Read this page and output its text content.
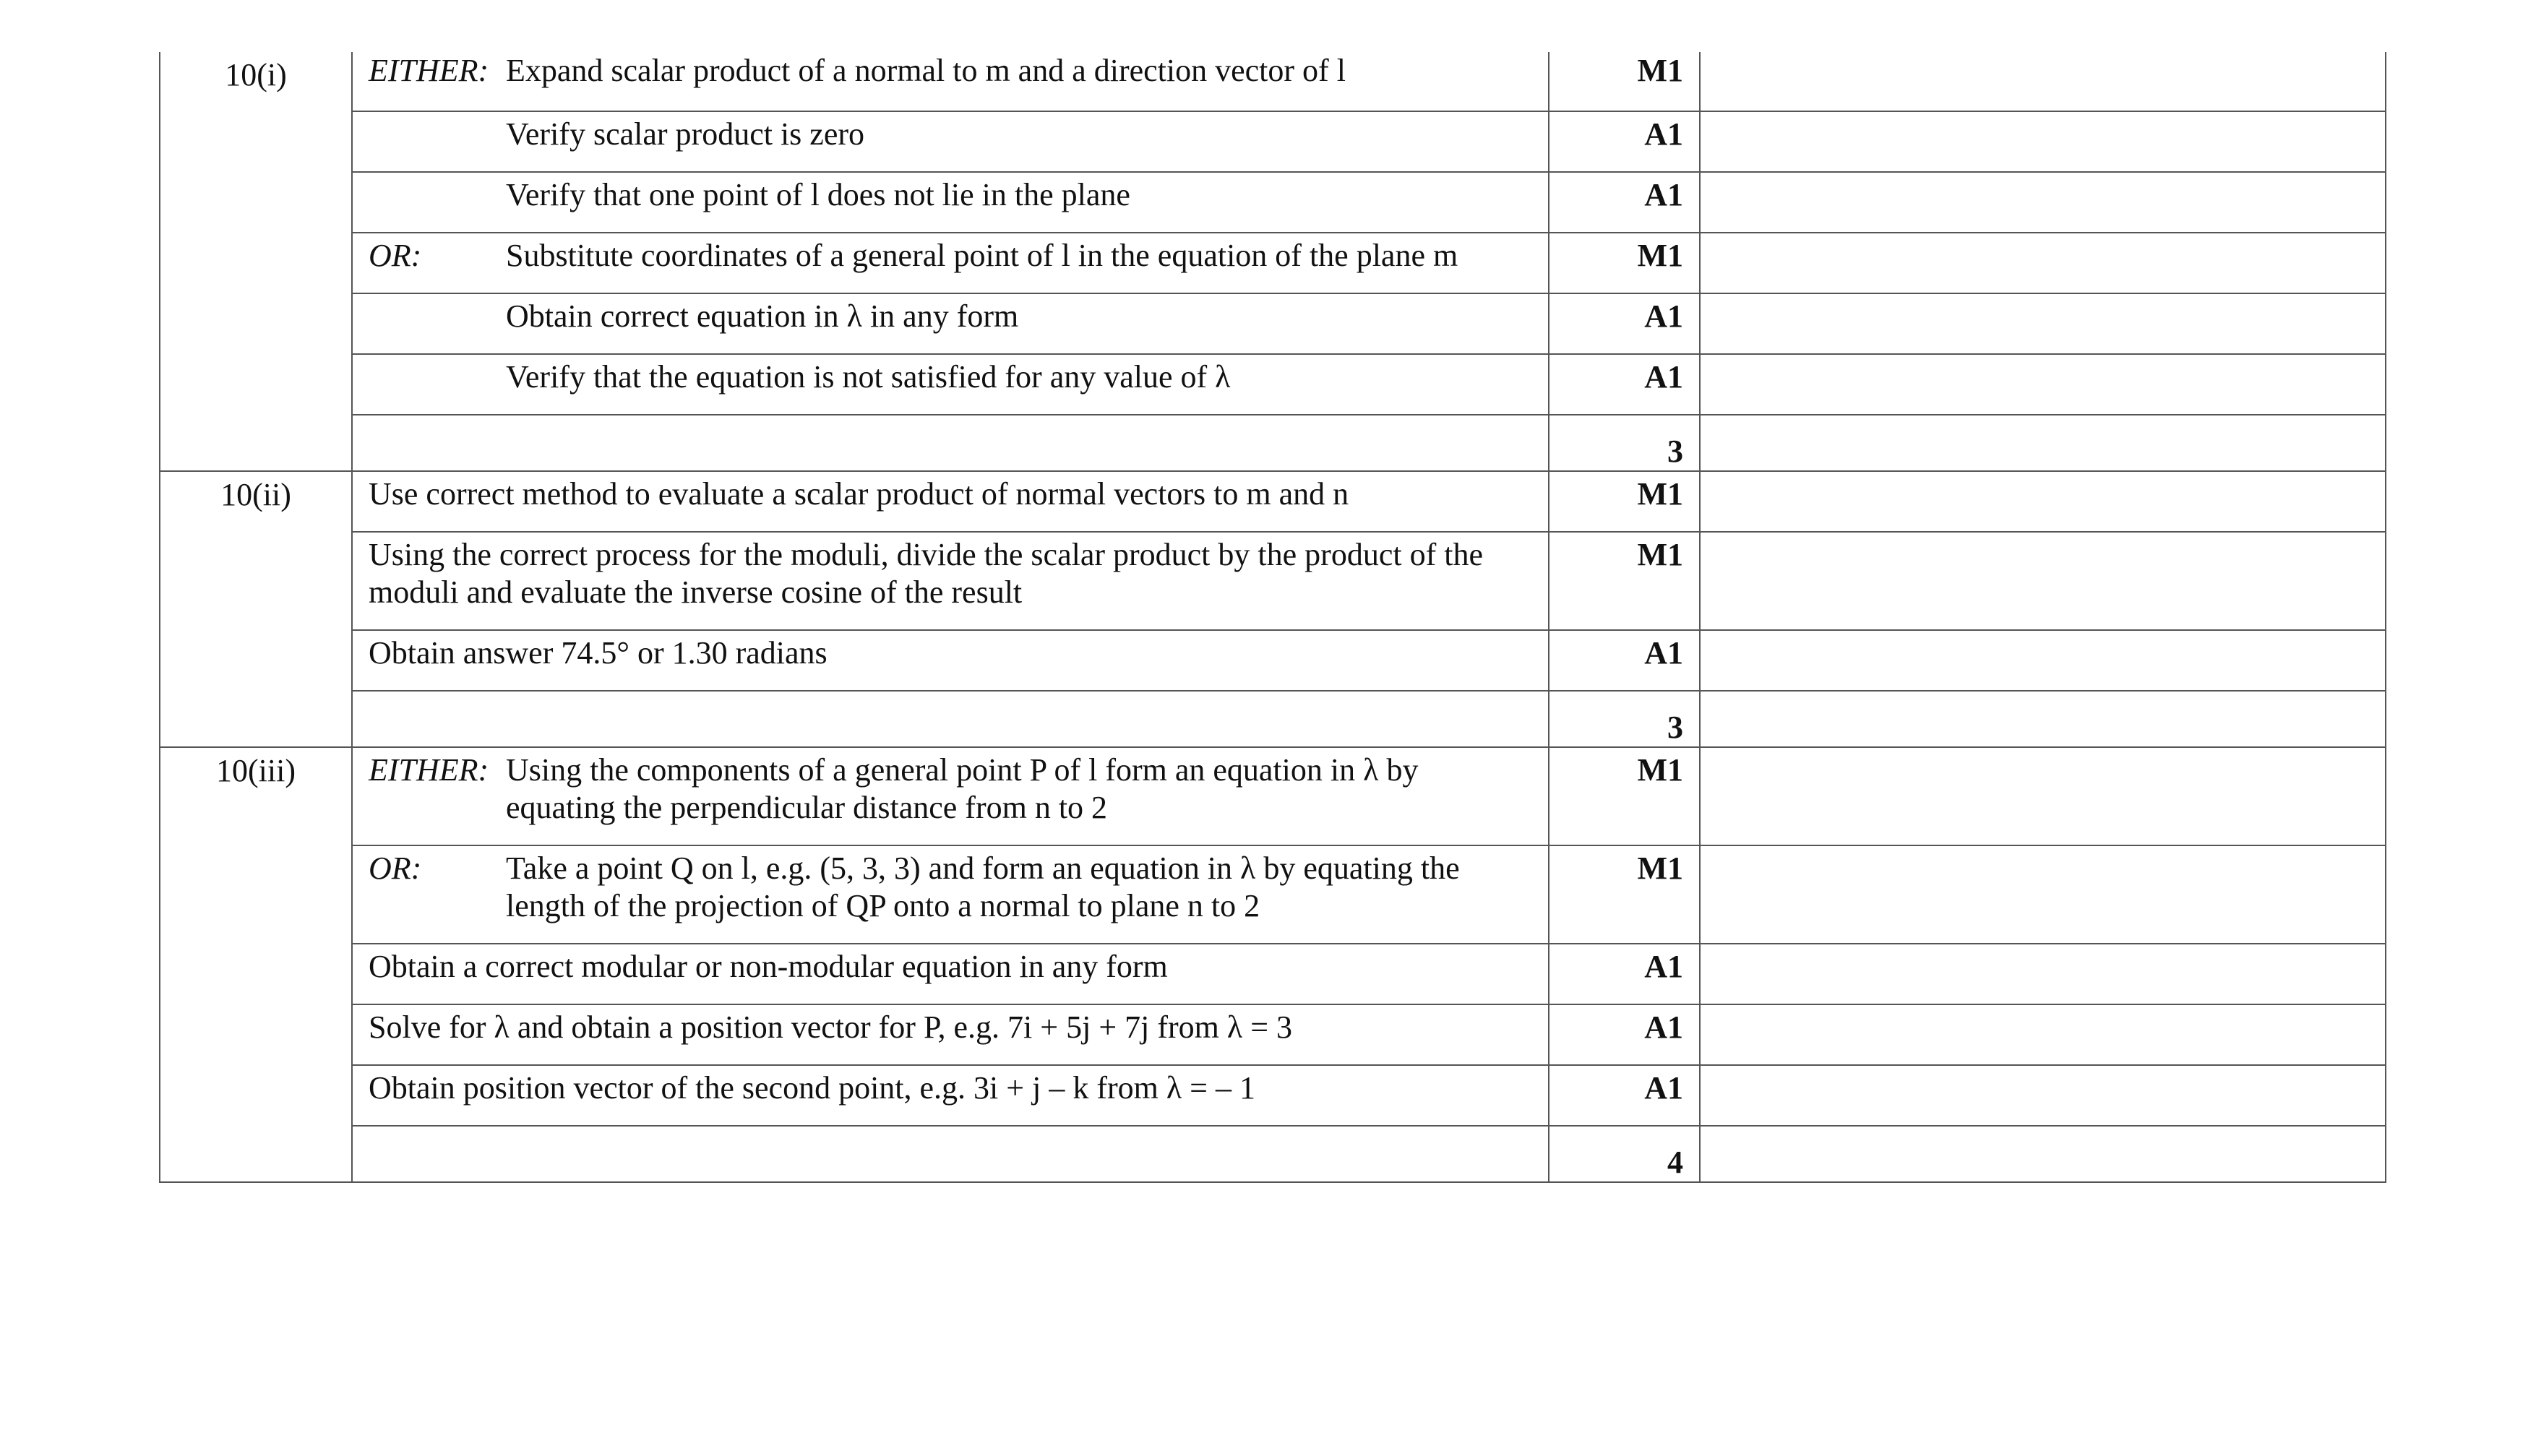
10(i)	EITHER: Expand scalar product of a normal to m and a direction vector of l	M1	

	Verify scalar product is zero	A1	

	Verify that one point of l does not lie in the plane	A1	

	OR: Substitute coordinates of a general point of l in the equation of the plane m	M1	

	Obtain correct equation in λ in any form	A1	

	Verify that the equation is not satisfied for any value of λ	A1	
		3	
10(ii)	Use correct method to evaluate a scalar product of normal vectors to m and n	M1	

	Using the correct process for the moduli, divide the scalar product by the product of the moduli and evaluate the inverse cosine of the result	M1	

	Obtain answer 74.5° or 1.30 radians	A1	
		3	
10(iii)	EITHER: Using the components of a general point P of l form an equation in λ by equating the perpendicular distance from n to 2	M1	

	OR: Take a point Q on l, e.g. (5, 3, 3) and form an equation in λ by equating the length of the projection of QP onto a normal to plane n to 2	M1	

	Obtain a correct modular or non-modular equation in any form	A1	

	Solve for λ and obtain a position vector for P, e.g. 7i + 5j + 7j from λ = 3	A1	

	Obtain position vector of the second point, e.g. 3i + j – k from λ = – 1	A1	
		4	
